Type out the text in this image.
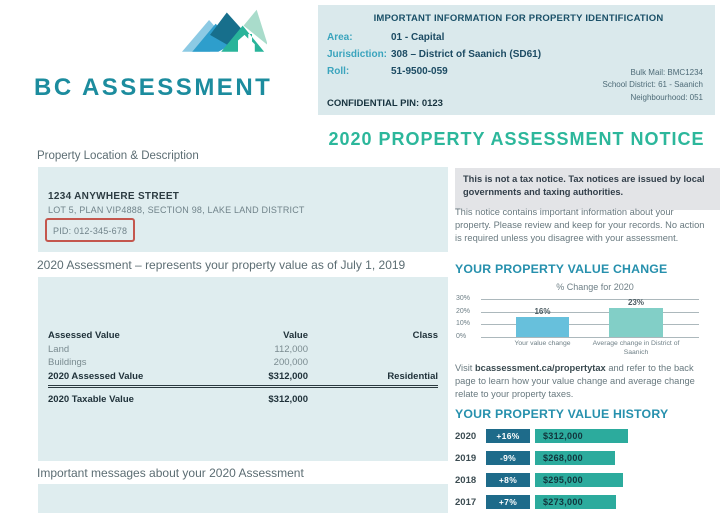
BC ASSESSMENT
IMPORTANT INFORMATION FOR PROPERTY IDENTIFICATION
Area:	01 - Capital
Jurisdiction: 308 – District of Saanich (SD61)
Roll:	51-9500-059	Bulk Mail: BMC1234
School District: 61 - Saanich
Neighbourhood: 051
CONFIDENTIAL PIN: 0123
2020 PROPERTY ASSESSMENT NOTICE
Property Location & Description
1234 ANYWHERE STREET
LOT 5, PLAN VIP4888, SECTION 98, LAKE LAND DISTRICT
PID: 012-345-678
2020 Assessment – represents your property value as of July 1, 2019
Assessed Value	Value	Class
Land	112,000
Buildings	200,000
2020 Assessed Value	$312,000	Residential
2020 Taxable Value	$312,000
Important messages about your 2020 Assessment
This is not a tax notice. Tax notices are issued by local governments and taxing authorities.
This notice contains important information about your property. Please review and keep for your records. No action is required unless you disagree with your assessment.
YOUR PROPERTY VALUE CHANGE
% Change for 2020
30%
20%
10%
0%
16%
23%
Your value change	Average change in District of Saanich
Visit bcassessment.ca/propertytax and refer to the back page to learn how your value change and average change relate to your property taxes.
YOUR PROPERTY VALUE HISTORY
2020	+16%	$312,000
2019	-9%	$268,000
2018	+8%	$295,000
2017	+7%	$273,000
